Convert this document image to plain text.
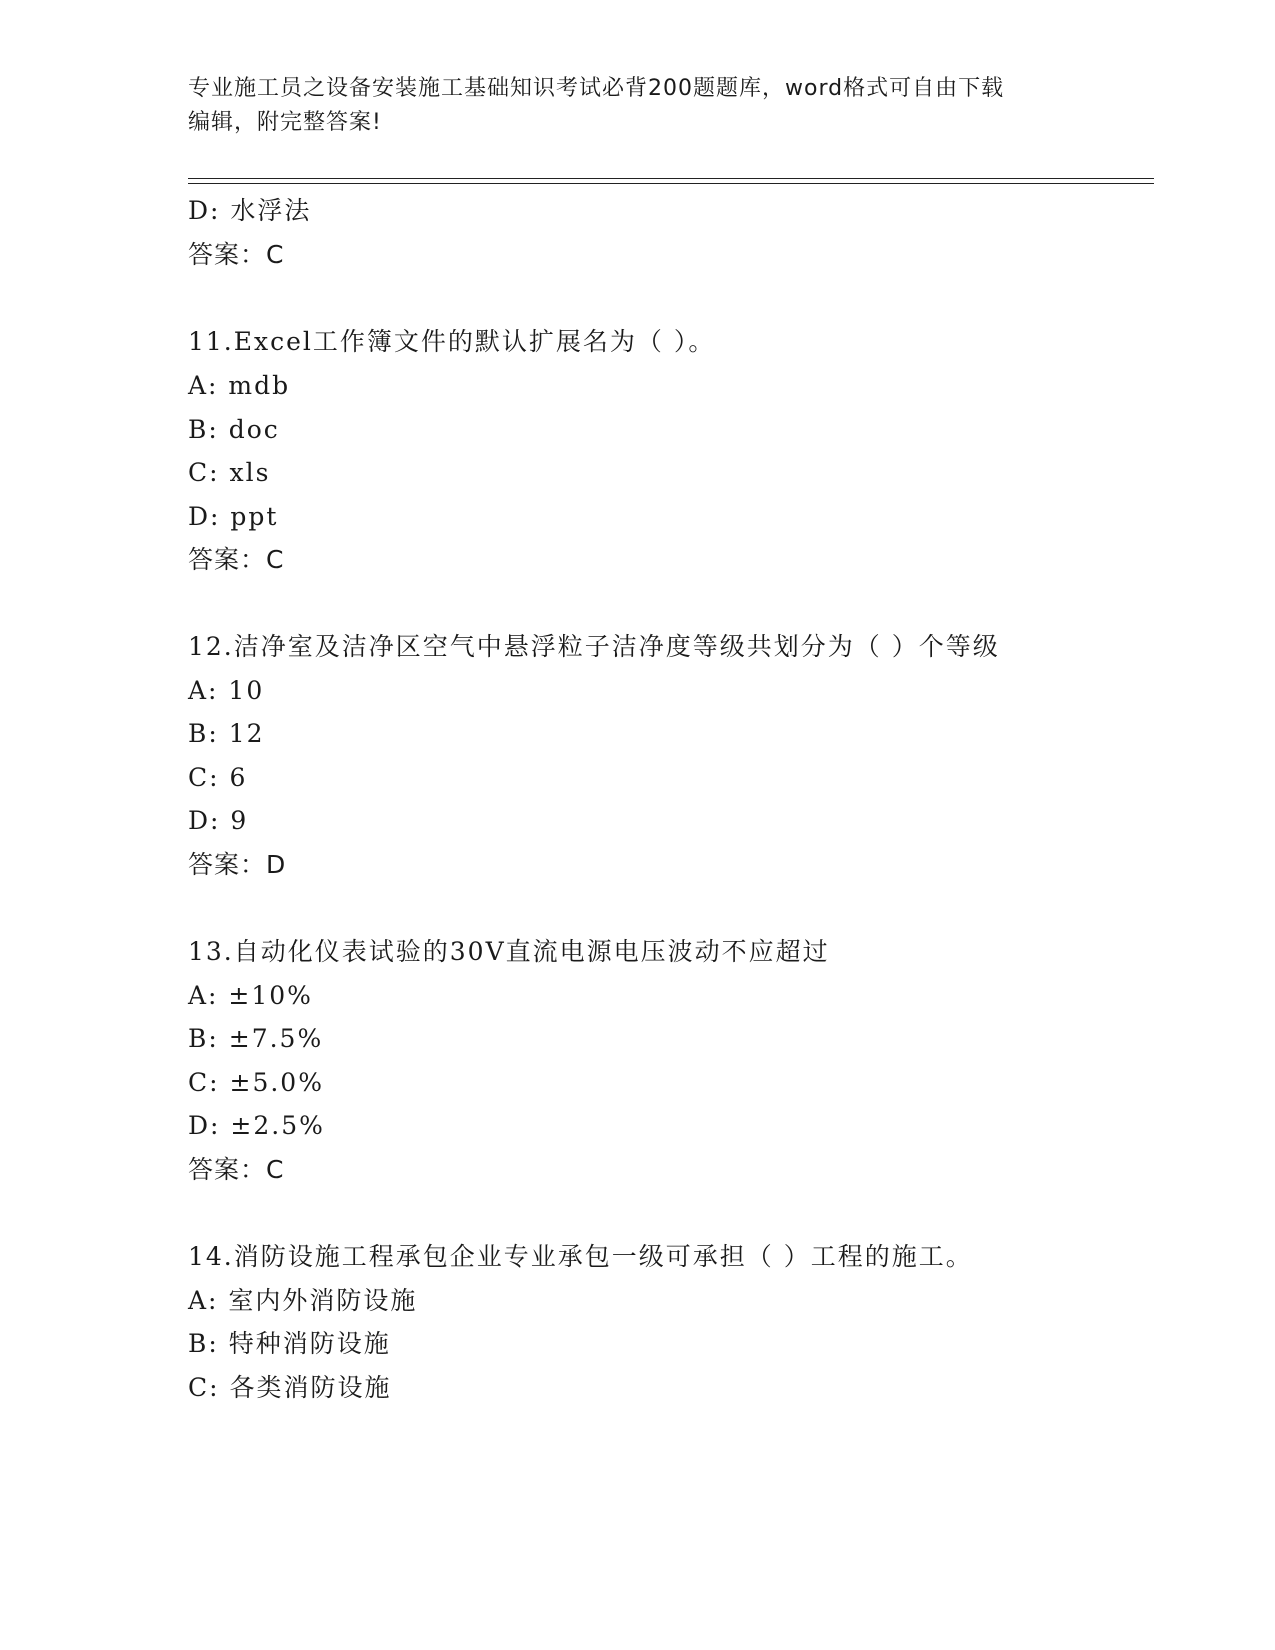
专业施工员之设备安装施工基础知识考试必背200题题库，word格式可自由下载
编辑，附完整答案!
D: 水浮法
答案：C
11.Excel工作簿文件的默认扩展名为（ ）。
A: mdb
B: doc
C: xls
D: ppt
答案：C
12.洁净室及洁净区空气中悬浮粒子洁净度等级共划分为（ ）个等级
A: 10
B: 12
C: 6
D: 9
答案：D
13.自动化仪表试验的30V直流电源电压波动不应超过
A: ±10%
B: ±7.5%
C: ±5.0%
D: ±2.5%
答案：C
14.消防设施工程承包企业专业承包一级可承担（ ）工程的施工。
A: 室内外消防设施
B: 特种消防设施
C: 各类消防设施
